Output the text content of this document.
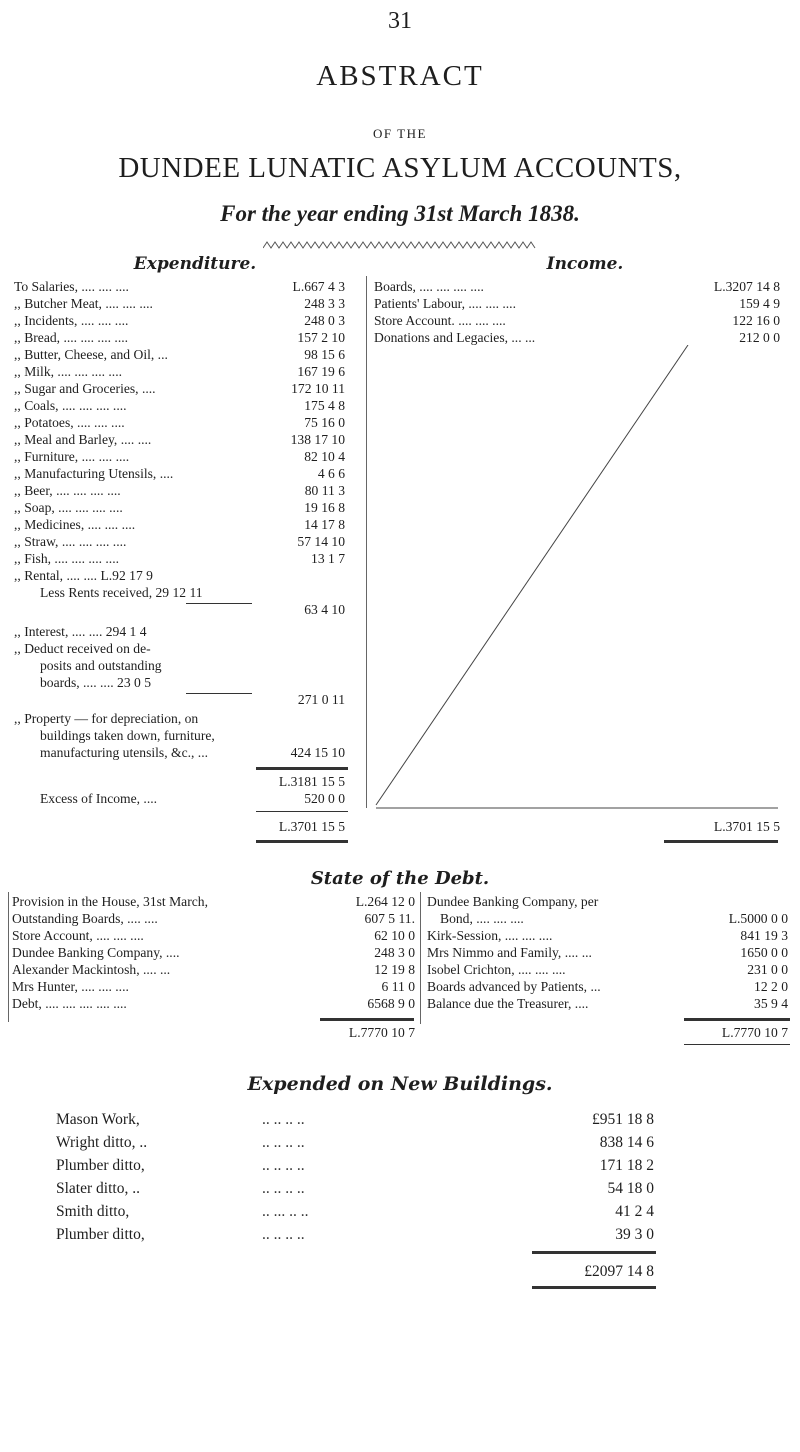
31
ABSTRACT
OF THE
DUNDEE LUNATIC ASYLUM ACCOUNTS,
For the year ending 31st March 1838.
Expenditure.	Income.
To Salaries, .... .... ....	L.667 4 3
,, Butcher Meat, .... .... ....	248 3 3
,, Incidents, .... .... ....	248 0 3
,, Bread, .... .... .... ....	157 2 10
,, Butter, Cheese, and Oil, ...	98 15 6
,, Milk, .... .... .... ....	167 19 6
,, Sugar and Groceries, ....	172 10 11
,, Coals, .... .... .... ....	175 4 8
,, Potatoes, .... .... ....	75 16 0
,, Meal and Barley, .... ....	138 17 10
,, Furniture, .... .... ....	82 10 4
,, Manufacturing Utensils, ....	4 6 6
,, Beer, .... .... .... ....	80 11 3
,, Soap, .... .... .... ....	19 16 8
,, Medicines, .... .... ....	14 17 8
,, Straw, .... .... .... ....	57 14 10
,, Fish, .... .... .... ....	13 1 7
,, Rental, .... .... L.92 17 9
Less Rents received, 29 12 11
63 4 10
,, Interest, .... .... 294 1 4
,, Deduct received on de-
posits and outstanding
boards, .... .... 23 0 5
271 0 11
,, Property — for depreciation, on
buildings taken down, furniture,
manufacturing utensils, &c., ...	424 15 10
L.3181 15 5
Excess of Income, ....	520 0 0
L.3701 15 5
Boards, .... .... .... ....	L.3207 14 8
Patients' Labour, .... .... ....	159 4 9
Store Account. .... .... ....	122 16 0
Donations and Legacies, ... ...	212 0 0
L.3701 15 5
State of the Debt.
Provision in the House, 31st March,	L.264 12 0
Outstanding Boards, .... ....	607 5 11.
Store Account, .... .... ....	62 10 0
Dundee Banking Company, ....	248 3 0
Alexander Mackintosh, .... ...	12 19 8
Mrs Hunter, .... .... ....	6 11 0
Debt, .... .... .... .... ....	6568 9 0
L.7770 10 7
Dundee Banking Company, per
Bond, .... .... ....	L.5000 0 0
Kirk-Session, .... .... ....	841 19 3
Mrs Nimmo and Family, .... ...	1650 0 0
Isobel Crichton, .... .... ....	231 0 0
Boards advanced by Patients, ...	12 2 0
Balance due the Treasurer, ....	35 9 4
L.7770 10 7
Expended on New Buildings.
Mason Work,	.. .. .. ..	£951 18 8
Wright ditto, ..	.. .. .. ..	838 14 6
Plumber ditto,	.. .. .. ..	171 18 2
Slater ditto, ..	.. .. .. ..	54 18 0
Smith ditto,	.. ... .. ..	41 2 4
Plumber ditto,	.. .. .. ..	39 3 0
£2097 14 8
